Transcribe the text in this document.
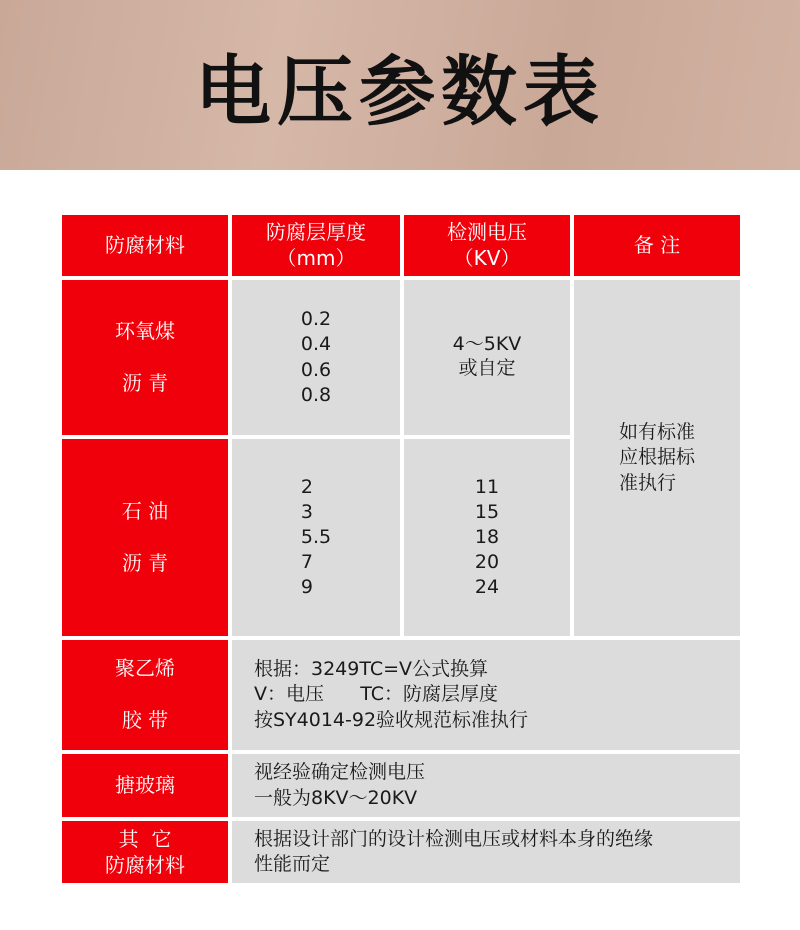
电压参数表
防腐材料
防腐层厚度
（mm）
检测电压
（KV）
备 注
环氧煤
沥 青
0.2
0.4
0.6
0.8
4～5KV
或自定
如有标准
应根据标
准执行
石 油
沥 青
2
3
5.5
7
9
11
15
18
20
24
聚乙烯
胶 带
根据：3249TC=V公式换算
V：电压      TC：防腐层厚度
按SY4014-92验收规范标准执行
搪玻璃
视经验确定检测电压
一般为8KV～20KV
其  它
防腐材料
根据设计部门的设计检测电压或材料本身的绝缘
性能而定
